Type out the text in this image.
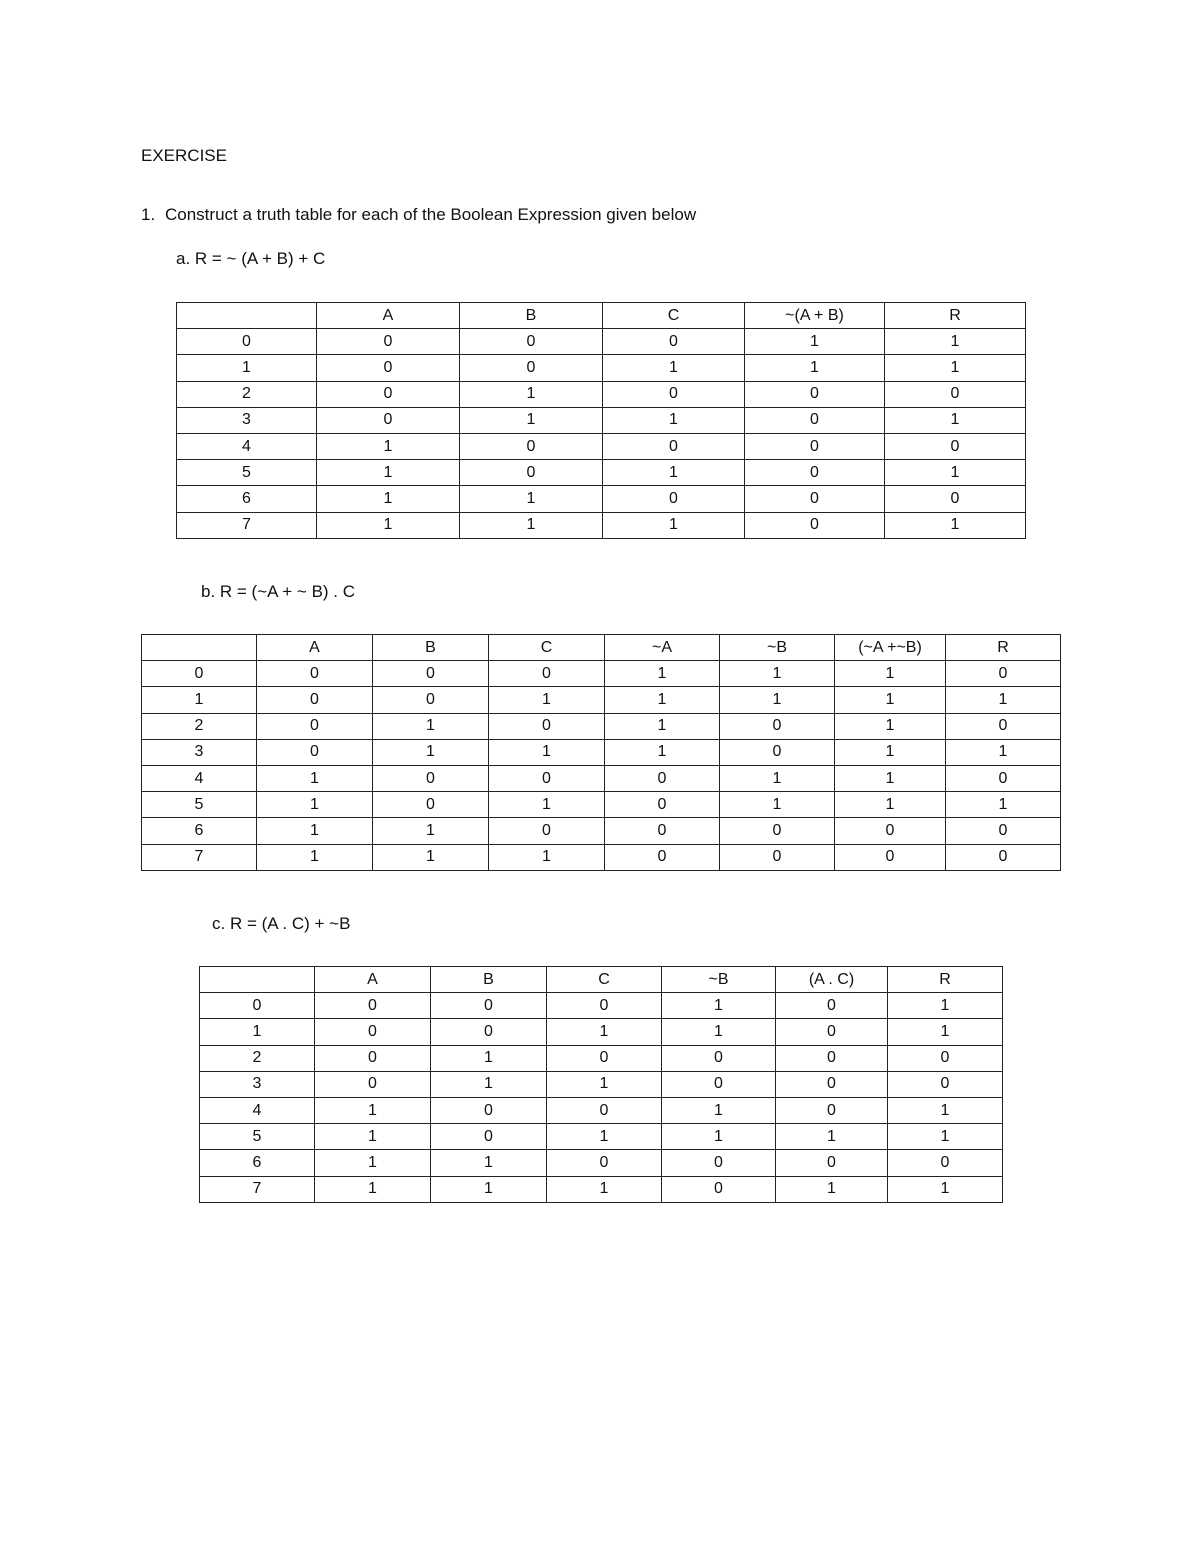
EXERCISE
1. Construct a truth table for each of the Boolean Expression given below
a. R = ~ (A + B) + C
	A	B	C	~(A + B)	R
0	0	0	0	1	1
1	0	0	1	1	1
2	0	1	0	0	0
3	0	1	1	0	1
4	1	0	0	0	0
5	1	0	1	0	1
6	1	1	0	0	0
7	1	1	1	0	1
b. R = (~A + ~ B) . C
	A	B	C	~A	~B	(~A +~B)	R
0	0	0	0	1	1	1	0
1	0	0	1	1	1	1	1
2	0	1	0	1	0	1	0
3	0	1	1	1	0	1	1
4	1	0	0	0	1	1	0
5	1	0	1	0	1	1	1
6	1	1	0	0	0	0	0
7	1	1	1	0	0	0	0
c. R = (A . C) + ~B
	A	B	C	~B	(A . C)	R
0	0	0	0	1	0	1
1	0	0	1	1	0	1
2	0	1	0	0	0	0
3	0	1	1	0	0	0
4	1	0	0	1	0	1
5	1	0	1	1	1	1
6	1	1	0	0	0	0
7	1	1	1	0	1	1
